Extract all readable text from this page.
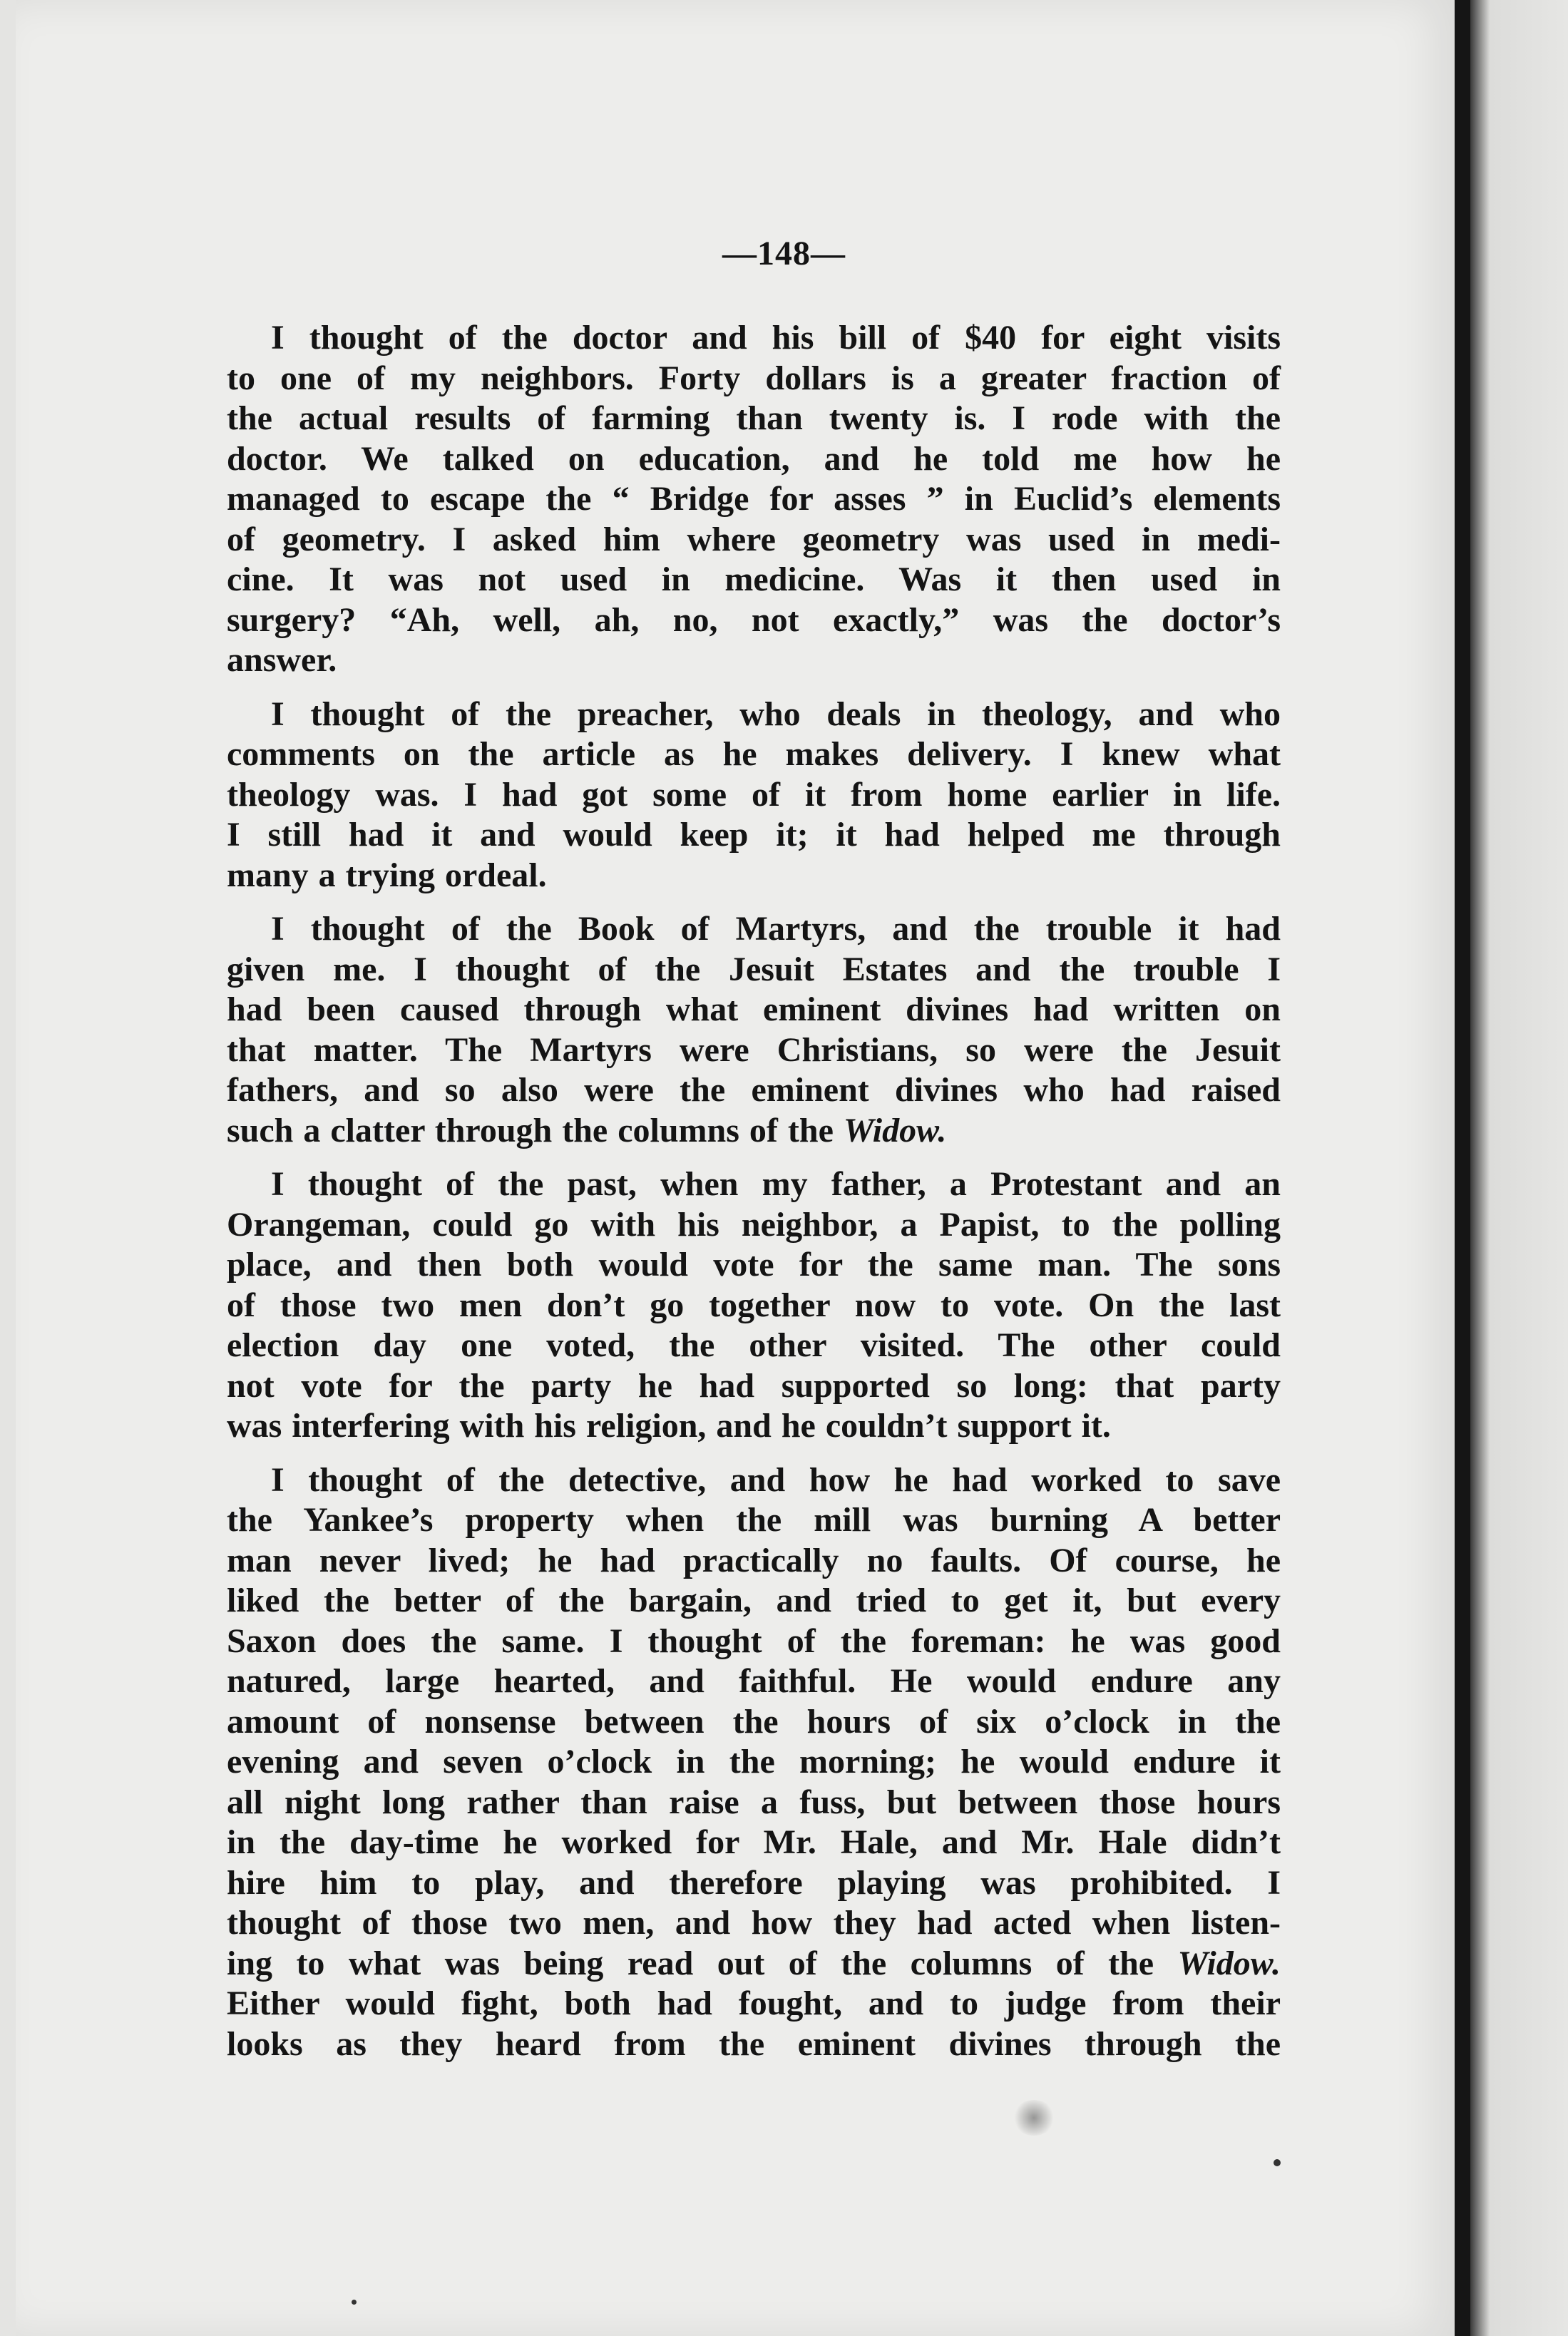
—148—
I thought of the doctor and his bill of $40 for eight visits
to one of my neighbors. Forty dollars is a greater fraction of
the actual results of farming than twenty is. I rode with the
doctor. We talked on education, and he told me how he
managed to escape the “ Bridge for asses ” in Euclid’s elements
of geometry. I asked him where geometry was used in medi-
cine. It was not used in medicine. Was it then used in
surgery? “Ah, well, ah, no, not exactly,” was the doctor’s
answer.
I thought of the preacher, who deals in theology, and who
comments on the article as he makes delivery. I knew what
theology was. I had got some of it from home earlier in life.
I still had it and would keep it; it had helped me through
many a trying ordeal.
I thought of the Book of Martyrs, and the trouble it had
given me. I thought of the Jesuit Estates and the trouble I
had been caused through what eminent divines had written on
that matter. The Martyrs were Christians, so were the Jesuit
fathers, and so also were the eminent divines who had raised
such a clatter through the columns of the Widow.
I thought of the past, when my father, a Protestant and an
Orangeman, could go with his neighbor, a Papist, to the polling
place, and then both would vote for the same man. The sons
of those two men don’t go together now to vote. On the last
election day one voted, the other visited. The other could
not vote for the party he had supported so long: that party
was interfering with his religion, and he couldn’t support it.
I thought of the detective, and how he had worked to save
the Yankee’s property when the mill was burning A better
man never lived; he had practically no faults. Of course, he
liked the better of the bargain, and tried to get it, but every
Saxon does the same. I thought of the foreman: he was good
natured, large hearted, and faithful. He would endure any
amount of nonsense between the hours of six o’clock in the
evening and seven o’clock in the morning; he would endure it
all night long rather than raise a fuss, but between those hours
in the day-time he worked for Mr. Hale, and Mr. Hale didn’t
hire him to play, and therefore playing was prohibited. I
thought of those two men, and how they had acted when listen-
ing to what was being read out of the columns of the Widow.
Either would fight, both had fought, and to judge from their
looks as they heard from the eminent divines through the
